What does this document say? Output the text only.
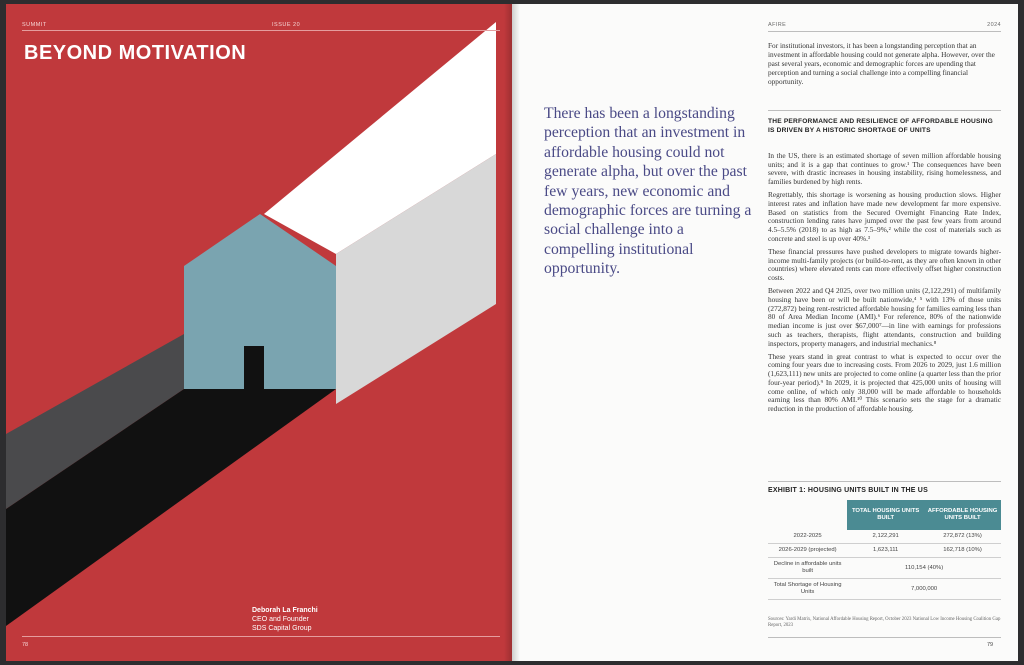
SUMMIT	ISSUE 20
BEYOND MOTIVATION
Deborah La Franchi
CEO and Founder
SDS Capital Group
78
AFIRE	2024
For institutional investors, it has been a longstanding perception that an investment in affordable housing could not generate alpha. However, over the past several years, economic and demographic forces are upending that perception and turning a social challenge into a compelling financial opportunity.
There has been a longstanding perception that an investment in affordable housing could not generate alpha, but over the past few years, new economic and demographic forces are turning a social challenge into a compelling institutional opportunity.
THE PERFORMANCE AND RESILIENCE OF AFFORDABLE HOUSING IS DRIVEN BY A HISTORIC SHORTAGE OF UNITS

In the US, there is an estimated shortage of seven million affordable housing units; and it is a gap that continues to grow.¹ The consequences have been severe, with drastic increases in housing instability, rising homelessness, and families burdened by high rents.

Regrettably, this shortage is worsening as housing production slows. Higher interest rates and inflation have made new development far more expensive. Based on statistics from the Secured Overnight Financing Rate Index, construction lending rates have jumped over the past few years from around 4.5–5.5% (2018) to as high as 7.5–9%,² while the cost of materials such as concrete and steel is up over 40%.³

These financial pressures have pushed developers to migrate towards higher-income multi-family projects (or build-to-rent, as they are often known in other countries) where elevated rents can more effectively offset higher construction costs.

Between 2022 and Q4 2025, over two million units (2,122,291) of multifamily housing have been or will be built nationwide,⁴ ⁵ with 13% of those units (272,872) being rent-restricted affordable housing for families earning less than 80 of Area Median Income (AMI).⁶ For reference, 80% of the nationwide median income is just over $67,000⁷—in line with earnings for professions such as teachers, therapists, flight attendants, construction and building inspectors, property managers, and industrial mechanics.⁸

These years stand in great contrast to what is expected to occur over the coming four years due to increasing costs. From 2026 to 2029, just 1.6 million (1,623,111) new units are projected to come online (a quarter less than the prior four-year period).⁹ In 2029, it is projected that 425,000 units of housing will come online, of which only 38,000 will be made affordable to households earning less than 80% AMI.¹⁰ This scenario sets the stage for a dramatic reduction in the production of affordable housing.

EXHIBIT 1: HOUSING UNITS BUILT IN THE US
	TOTAL HOUSING UNITS BUILT	AFFORDABLE HOUSING UNITS BUILT
2022-2025	2,122,291	272,872 (13%)
2026-2029 (projected)	1,623,111	162,718 (10%)
Decline in affordable units built	110,154 (40%)	
Total Shortage of Housing Units	7,000,000	
Sources: Yardi Matrix, National Affordable Housing Report, October 2023 National Low Income Housing Coalition Gap Report, 2023
79
